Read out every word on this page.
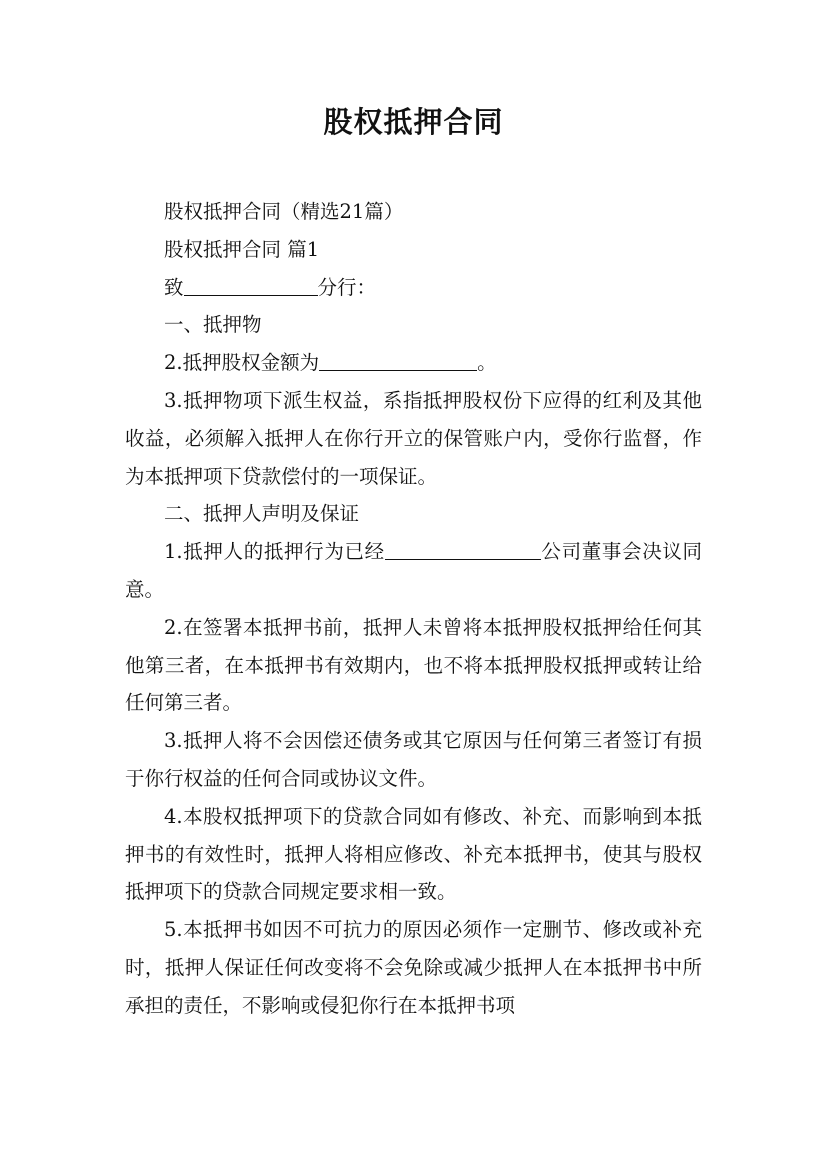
股权抵押合同

股权抵押合同（精选21篇）

股权抵押合同 篇1

致	分行：

一、抵押物

2.抵押股权金额为	。

3.抵押物项下派生权益，系指抵押股权份下应得的红利及其他收益，必须解入抵押人在你行开立的保管账户内，受你行监督，作为本抵押项下贷款偿付的一项保证。

二、抵押人声明及保证

1.抵押人的抵押行为已经	公司董事会决议同意。

2.在签署本抵押书前，抵押人未曾将本抵押股权抵押给任何其他第三者，在本抵押书有效期内，也不将本抵押股权抵押或转让给任何第三者。

3.抵押人将不会因偿还债务或其它原因与任何第三者签订有损于你行权益的任何合同或协议文件。

4.本股权抵押项下的贷款合同如有修改、补充、而影响到本抵押书的有效性时，抵押人将相应修改、补充本抵押书，使其与股权抵押项下的贷款合同规定要求相一致。

5.本抵押书如因不可抗力的原因必须作一定删节、修改或补充时，抵押人保证任何改变将不会免除或减少抵押人在本抵押书中所承担的责任，不影响或侵犯你行在本抵押书项
